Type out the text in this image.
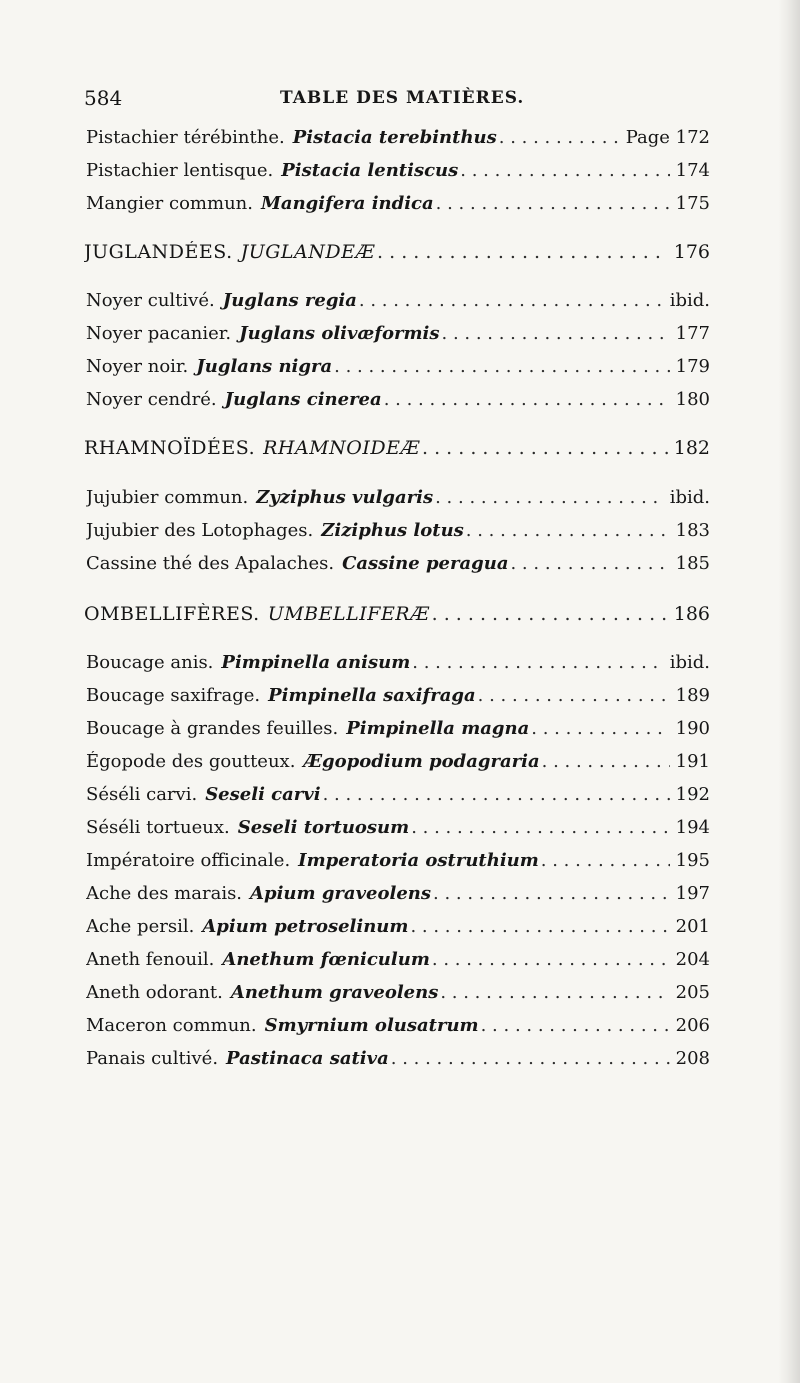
584	TABLE DES MATIÈRES.
Pistachier térébinthe. Pistacia terebinthus . . .	Page 172
Pistachier lentisque. Pistacia lentiscus . . .	174
Mangier commun. Mangifera indica . . .	175
JUGLANDÉES. JUGLANDEÆ . . .	176
Noyer cultivé. Juglans regia . . .	ibid.
Noyer pacanier. Juglans olivæformis . . .	177
Noyer noir. Juglans nigra . . .	179
Noyer cendré. Juglans cinerea . . .	180
RHAMNOÏDÉES. RHAMNOIDEÆ . . .	182
Jujubier commun. Zyziphus vulgaris . . .	ibid.
Jujubier des Lotophages. Ziziphus lotus . . .	183
Cassine thé des Apalaches. Cassine peragua . . .	185
OMBELLIFÈRES. UMBELLIFERÆ . . .	186
Boucage anis. Pimpinella anisum . . .	ibid.
Boucage saxifrage. Pimpinella saxifraga . . .	189
Boucage à grandes feuilles. Pimpinella magna . . .	190
Égopode des goutteux. Ægopodium podagraria . . .	191
Séséli carvi. Seseli carvi . . .	192
Séséli tortueux. Seseli tortuosum . . .	194
Impératoire officinale. Imperatoria ostruthium . . .	195
Ache des marais. Apium graveolens . . .	197
Ache persil. Apium petroselinum . . .	201
Aneth fenouil. Anethum fœniculum . . .	204
Aneth odorant. Anethum graveolens . . .	205
Maceron commun. Smyrnium olusatrum . . .	206
Panais cultivé. Pastinaca sativa . . .	208
